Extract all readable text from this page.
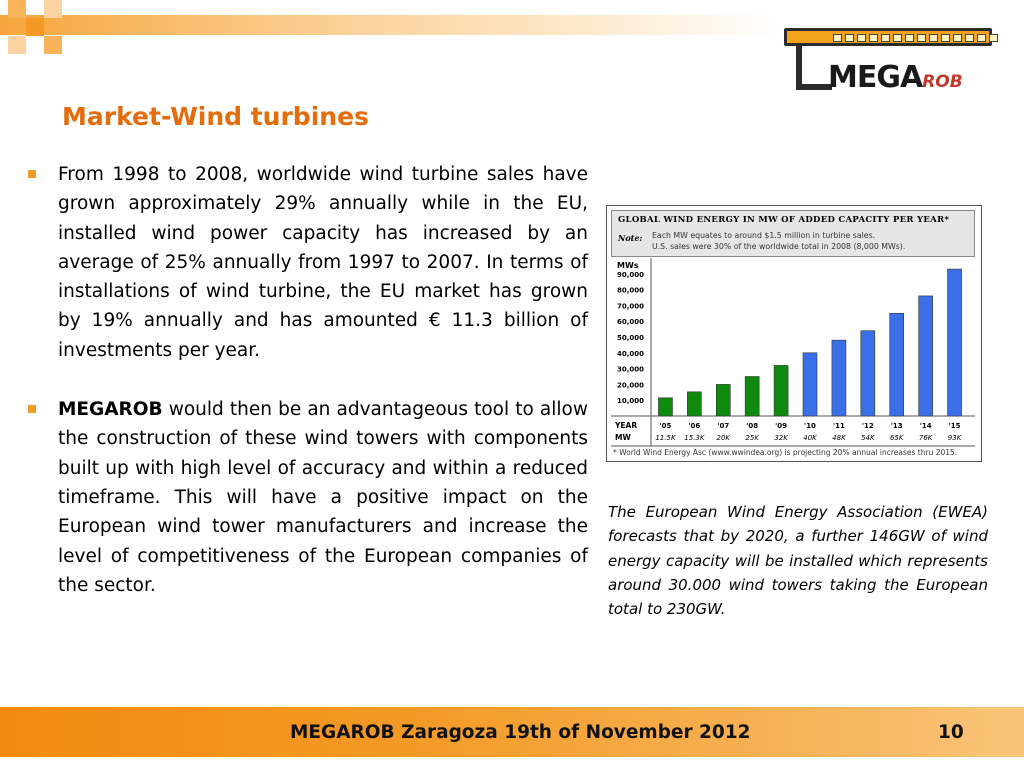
MEGAROB
Market-Wind turbines

From 1998 to 2008, worldwide wind turbine sales have grown approximately 29% annually while in the EU, installed wind power capacity has increased by an average of 25% annually from 1997 to 2007. In terms of installations of wind turbine, the EU market has grown by 19% annually and has amounted € 11.3 billion of investments per year.

MEGAROB would then be an advantageous tool to allow the construction of these wind towers with components built up with high level of accuracy and within a reduced timeframe. This will have a positive impact on the European wind tower manufacturers and increase the level of competitiveness of the European companies of the sector.

GLOBAL WIND ENERGY IN MW OF ADDED CAPACITY PER YEAR*
Note: Each MW equates to around $1.5 million in turbine sales.
U.S. sales were 30% of the worldwide total in 2008 (8,000 MWs).
MWs
90,000
80,000
70,000
60,000
50,000
40,000
30,000
20,000
10,000
'05
11.5K
'06
15.3K
'07
20K
'08
25K
'09
32K
'10
40K
'11
48K
'12
54K
'13
65K
'14
76K
'15
93K
YEAR
MW
* World Wind Energy Asc (www.wwindea.org) is projecting 20% annual increases thru 2015.
The European Wind Energy Association (EWEA) forecasts that by 2020, a further 146GW of wind energy capacity will be installed which represents around 30.000 wind towers taking the European total to 230GW.
MEGAROB Zaragoza 19th of November 2012	10
